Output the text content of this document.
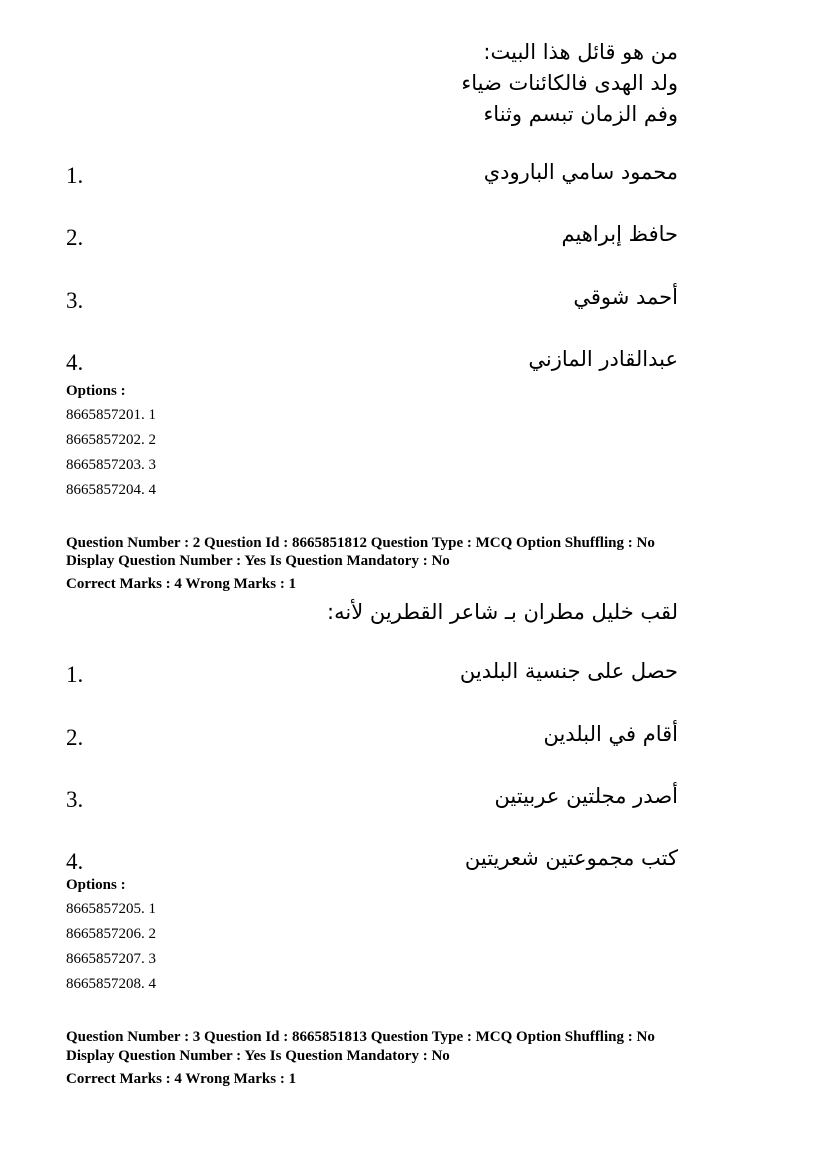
من هو قائل هذا البيت:
ولد الهدى فالكائنات ضياء
وفم الزمان تبسم وثناء
1.	محمود سامي البارودي
2.	حافظ إبراهيم
3.	أحمد شوقي
4.	عبدالقادر المازني
Options :
8665857201. 1
8665857202. 2
8665857203. 3
8665857204. 4
Question Number : 2 Question Id : 8665851812 Question Type : MCQ Option Shuffling : No
Display Question Number : Yes Is Question Mandatory : No
Correct Marks : 4 Wrong Marks : 1
لقب خليل مطران بـ شاعر القطرين لأنه:
1.	حصل على جنسية البلدين
2.	أقام في البلدين
3.	أصدر مجلتين عربيتين
4.	كتب مجموعتين شعريتين
Options :
8665857205. 1
8665857206. 2
8665857207. 3
8665857208. 4
Question Number : 3 Question Id : 8665851813 Question Type : MCQ Option Shuffling : No
Display Question Number : Yes Is Question Mandatory : No
Correct Marks : 4 Wrong Marks : 1
